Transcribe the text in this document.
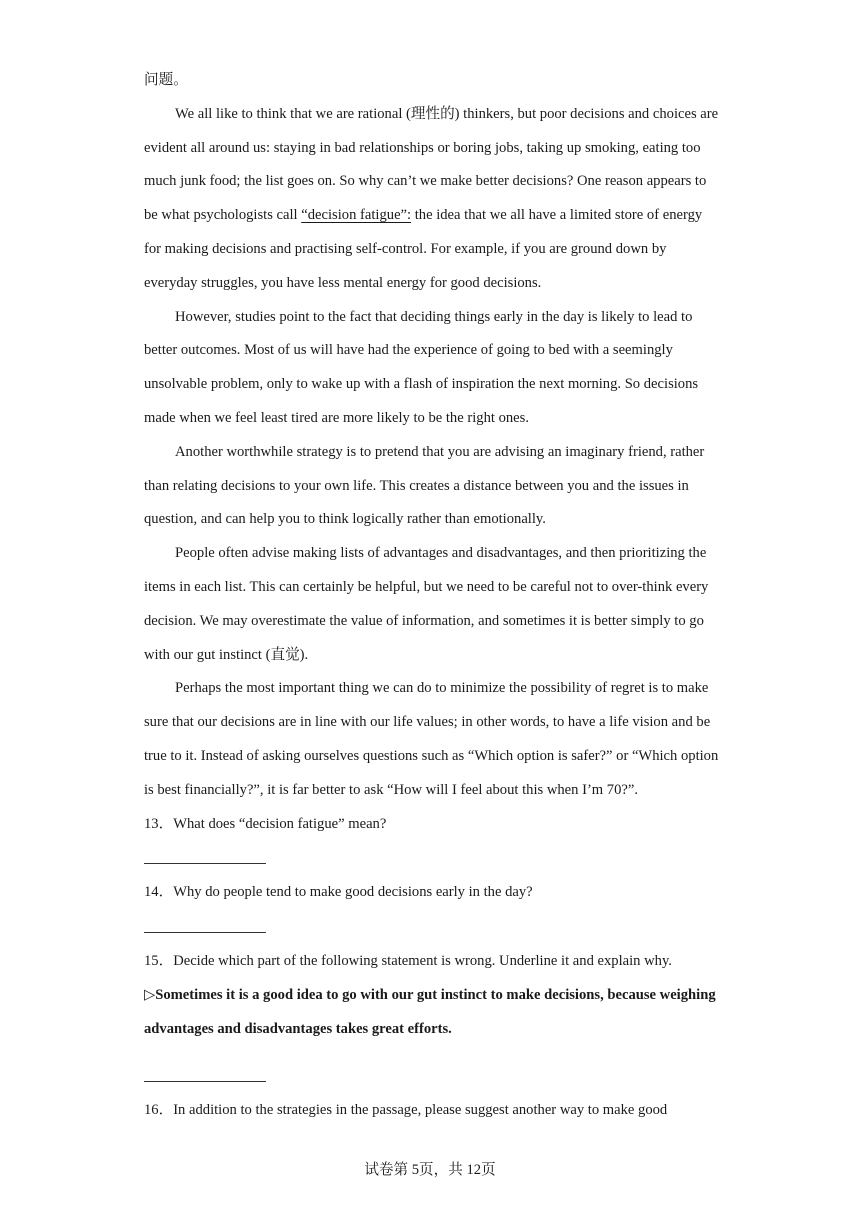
问题。

We all like to think that we are rational (理性的) thinkers, but poor decisions and choices are evident all around us: staying in bad relationships or boring jobs, taking up smoking, eating too much junk food; the list goes on. So why can’t we make better decisions? One reason appears to be what psychologists call “decision fatigue”: the idea that we all have a limited store of energy for making decisions and practising self-control. For example, if you are ground down by everyday struggles, you have less mental energy for good decisions.

However, studies point to the fact that deciding things early in the day is likely to lead to better outcomes. Most of us will have had the experience of going to bed with a seemingly unsolvable problem, only to wake up with a flash of inspiration the next morning. So decisions made when we feel least tired are more likely to be the right ones.

Another worthwhile strategy is to pretend that you are advising an imaginary friend, rather than relating decisions to your own life. This creates a distance between you and the issues in question, and can help you to think logically rather than emotionally.

People often advise making lists of advantages and disadvantages, and then prioritizing the items in each list. This can certainly be helpful, but we need to be careful not to over-think every decision. We may overestimate the value of information, and sometimes it is better simply to go with our gut instinct (直觉).

Perhaps the most important thing we can do to minimize the possibility of regret is to make sure that our decisions are in line with our life values; in other words, to have a life vision and be true to it. Instead of asking ourselves questions such as “Which option is safer?” or “Which option is best financially?”, it is far better to ask “How will I feel about this when I’m 70?”.

13．What does “decision fatigue” mean?

14．Why do people tend to make good decisions early in the day?

15．Decide which part of the following statement is wrong. Underline it and explain why.

▷Sometimes it is a good idea to go with our gut instinct to make decisions, because weighing advantages and disadvantages takes great efforts.

16．In addition to the strategies in the passage, please suggest another way to make good

试卷第 5页，共 12页
